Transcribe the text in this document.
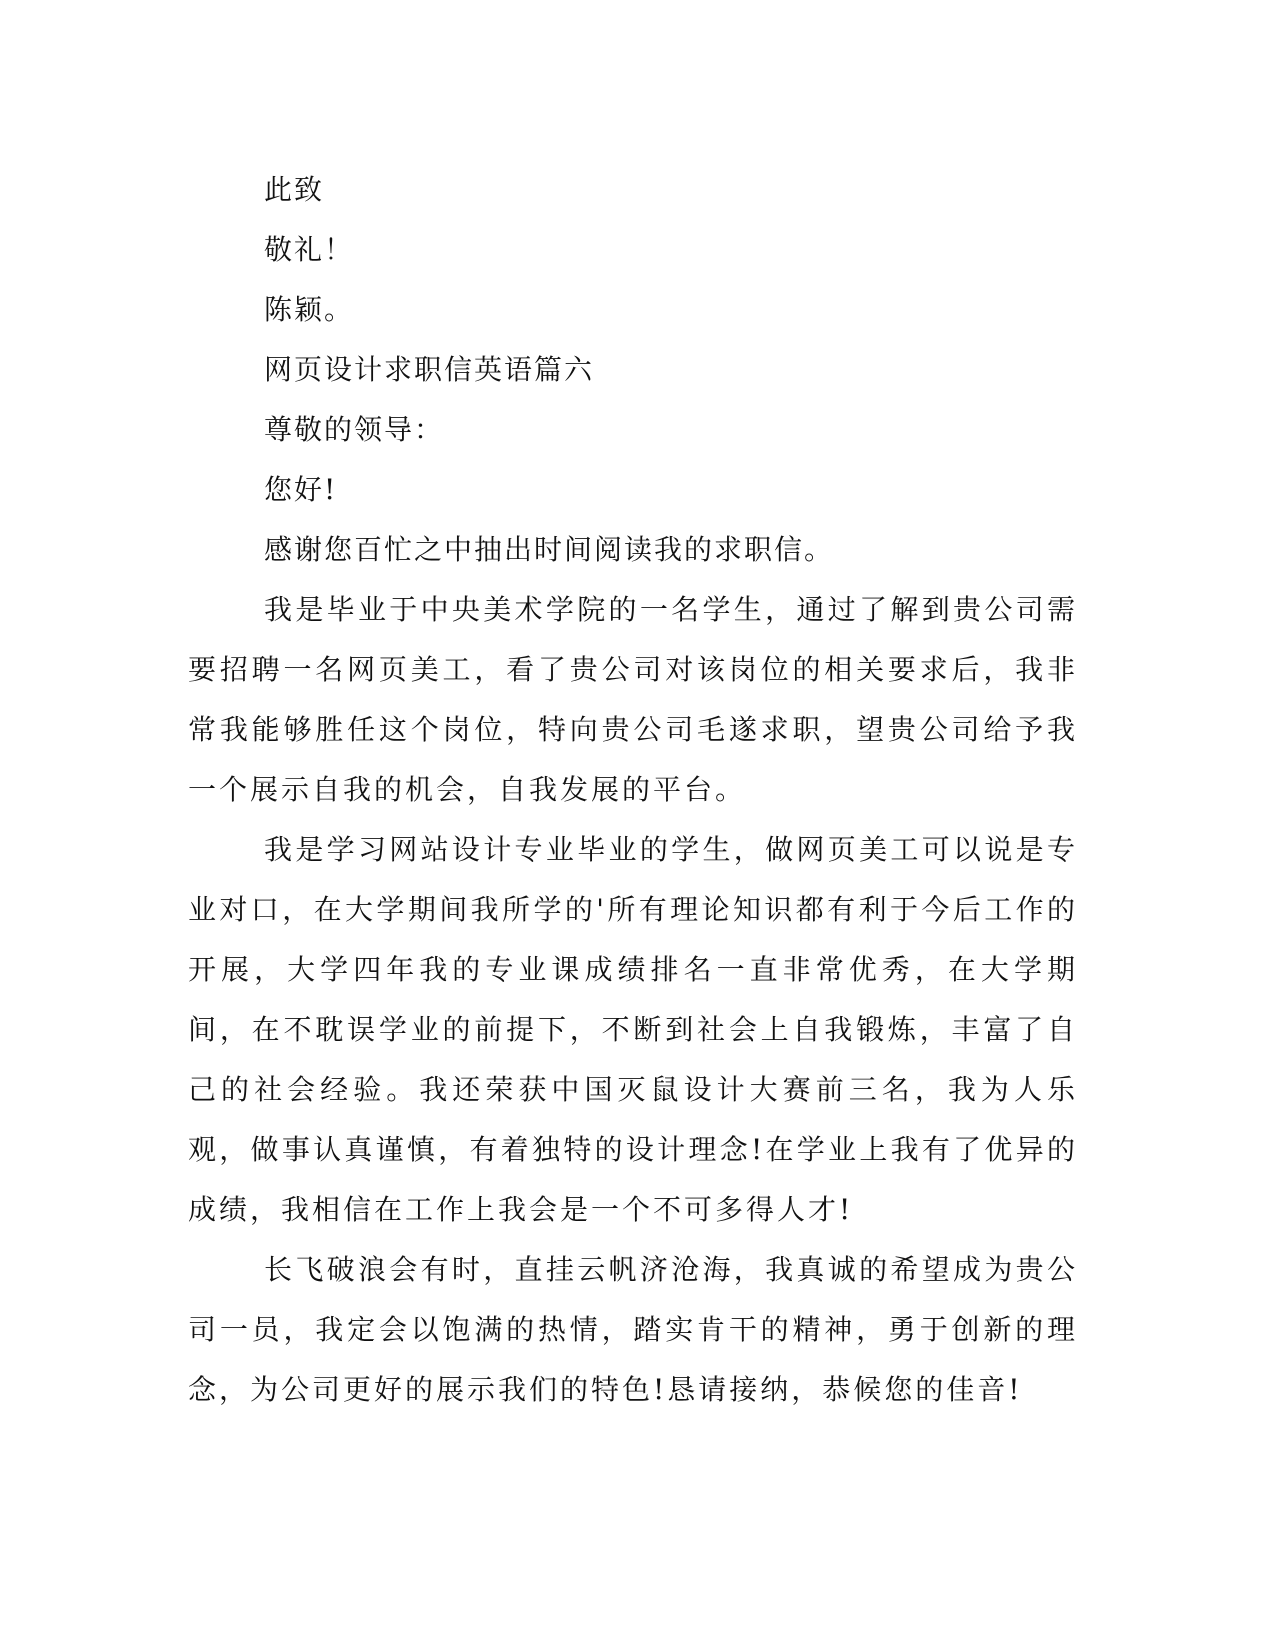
此致

敬礼！

陈颖。

网页设计求职信英语篇六

尊敬的领导：

您好!

感谢您百忙之中抽出时间阅读我的求职信。

我是毕业于中央美术学院的一名学生，通过了解到贵公司需要招聘一名网页美工，看了贵公司对该岗位的相关要求后，我非常我能够胜任这个岗位，特向贵公司毛遂求职，望贵公司给予我一个展示自我的机会，自我发展的平台。

我是学习网站设计专业毕业的学生，做网页美工可以说是专业对口，在大学期间我所学的'所有理论知识都有利于今后工作的开展，大学四年我的专业课成绩排名一直非常优秀，在大学期间，在不耽误学业的前提下，不断到社会上自我锻炼，丰富了自己的社会经验。我还荣获中国灭鼠设计大赛前三名，我为人乐观，做事认真谨慎，有着独特的设计理念!在学业上我有了优异的成绩，我相信在工作上我会是一个不可多得人才!

长飞破浪会有时，直挂云帆济沧海，我真诚的希望成为贵公司一员，我定会以饱满的热情，踏实肯干的精神，勇于创新的理念，为公司更好的展示我们的特色!恳请接纳，恭候您的佳音!
